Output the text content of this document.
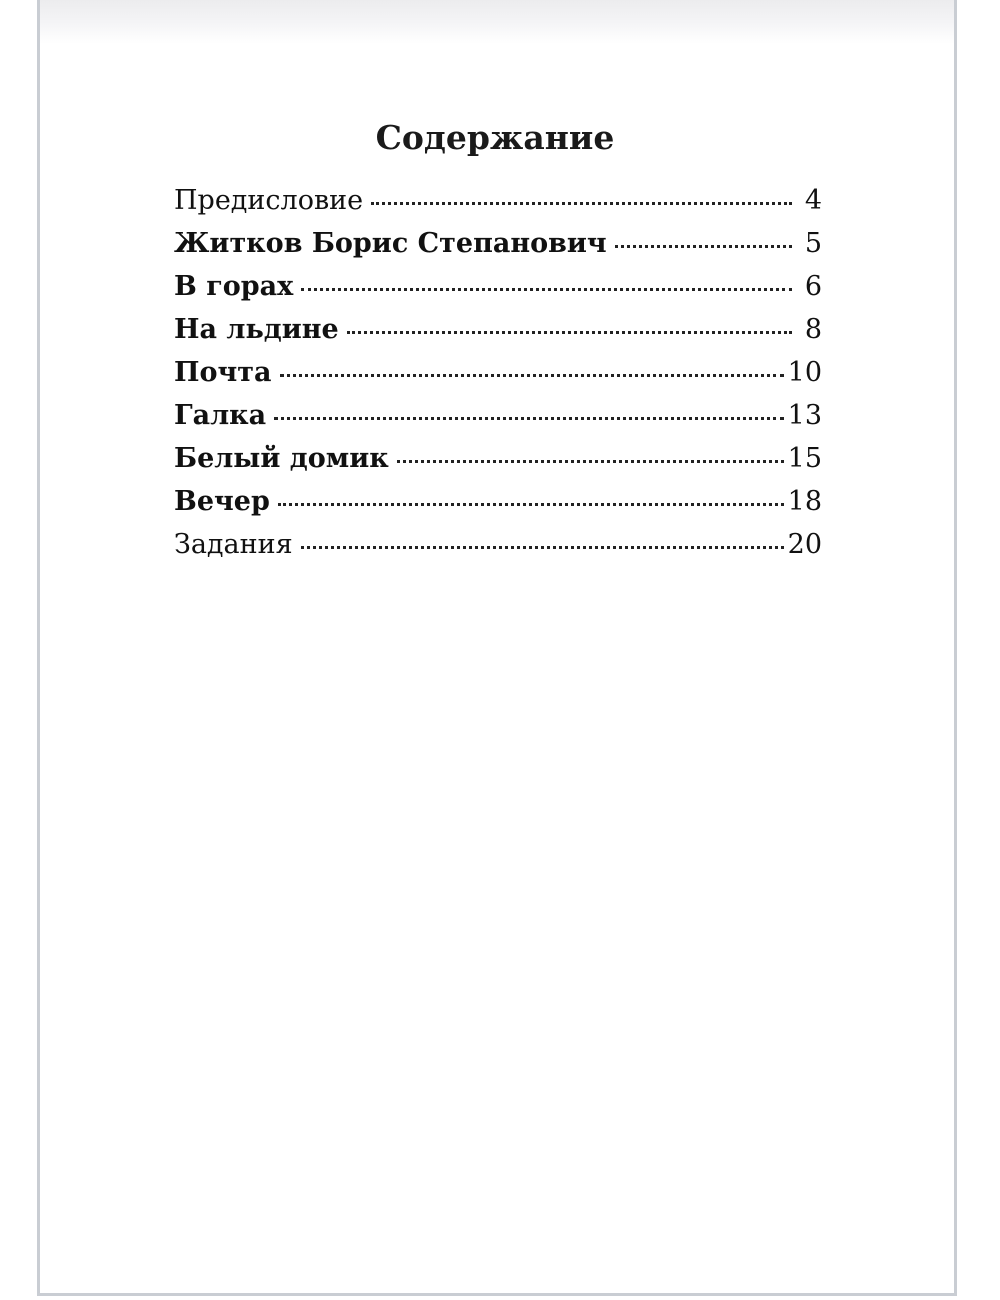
Содержание
Предисловие	4
Житков Борис Степанович	5
В горах	6
На льдине	8
Почта	10
Галка	13
Белый домик	15
Вечер	18
Задания	20
